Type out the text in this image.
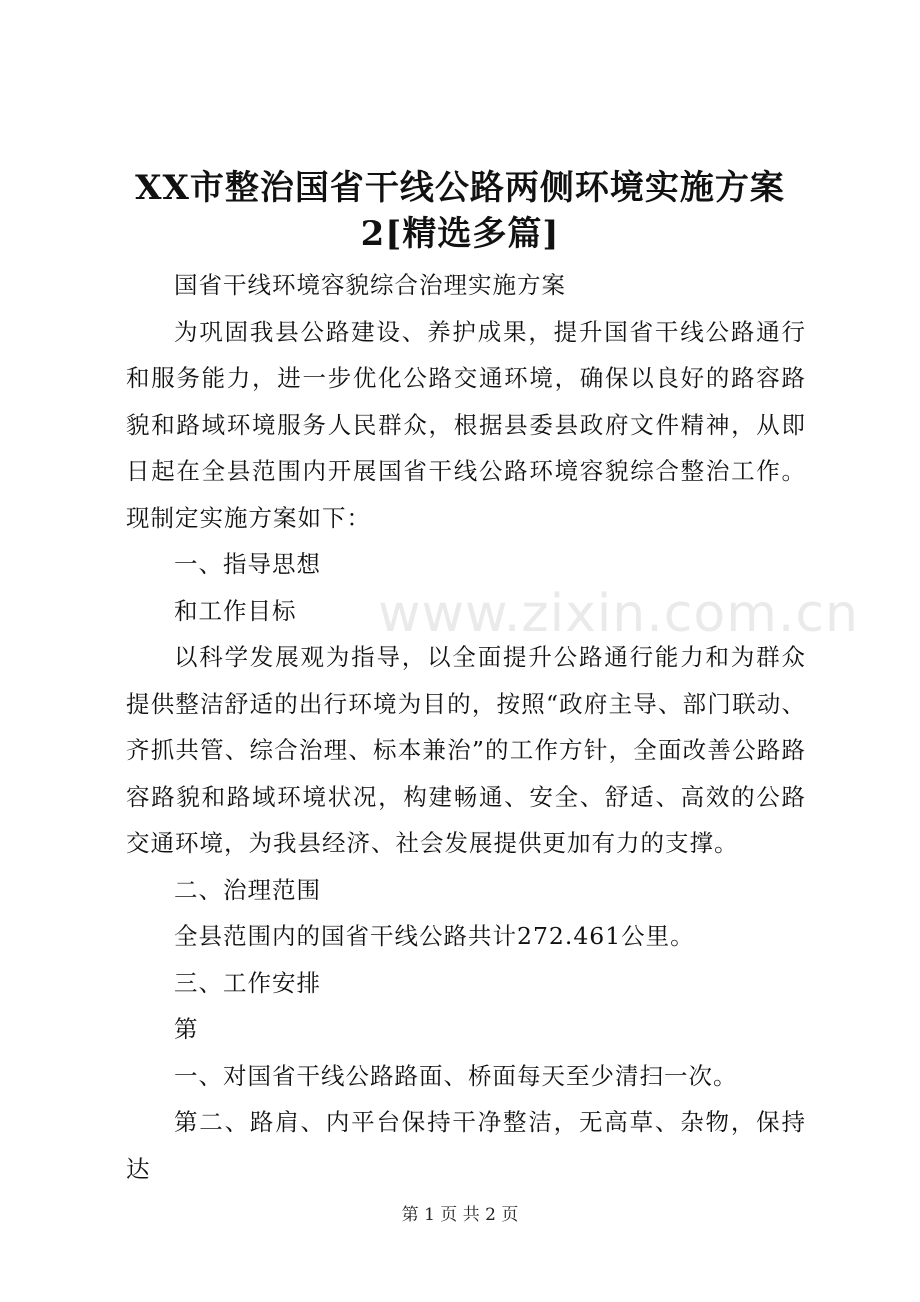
XX市整治国省干线公路两侧环境实施方案
2[精选多篇]

国省干线环境容貌综合治理实施方案

为巩固我县公路建设、养护成果，提升国省干线公路通行和服务能力，进一步优化公路交通环境，确保以良好的路容路貌和路域环境服务人民群众，根据县委县政府文件精神，从即日起在全县范围内开展国省干线公路环境容貌综合整治工作。现制定实施方案如下：

一、指导思想

和工作目标

以科学发展观为指导，以全面提升公路通行能力和为群众提供整洁舒适的出行环境为目的，按照“政府主导、部门联动、齐抓共管、综合治理、标本兼治”的工作方针，全面改善公路路容路貌和路域环境状况，构建畅通、安全、舒适、高效的公路交通环境，为我县经济、社会发展提供更加有力的支撑。

二、治理范围

全县范围内的国省干线公路共计272.461公里。

三、工作安排

第

一、对国省干线公路路面、桥面每天至少清扫一次。

第二、路肩、内平台保持干净整洁，无高草、杂物，保持达

www.zixin.com.cn
第 1 页 共 2 页
